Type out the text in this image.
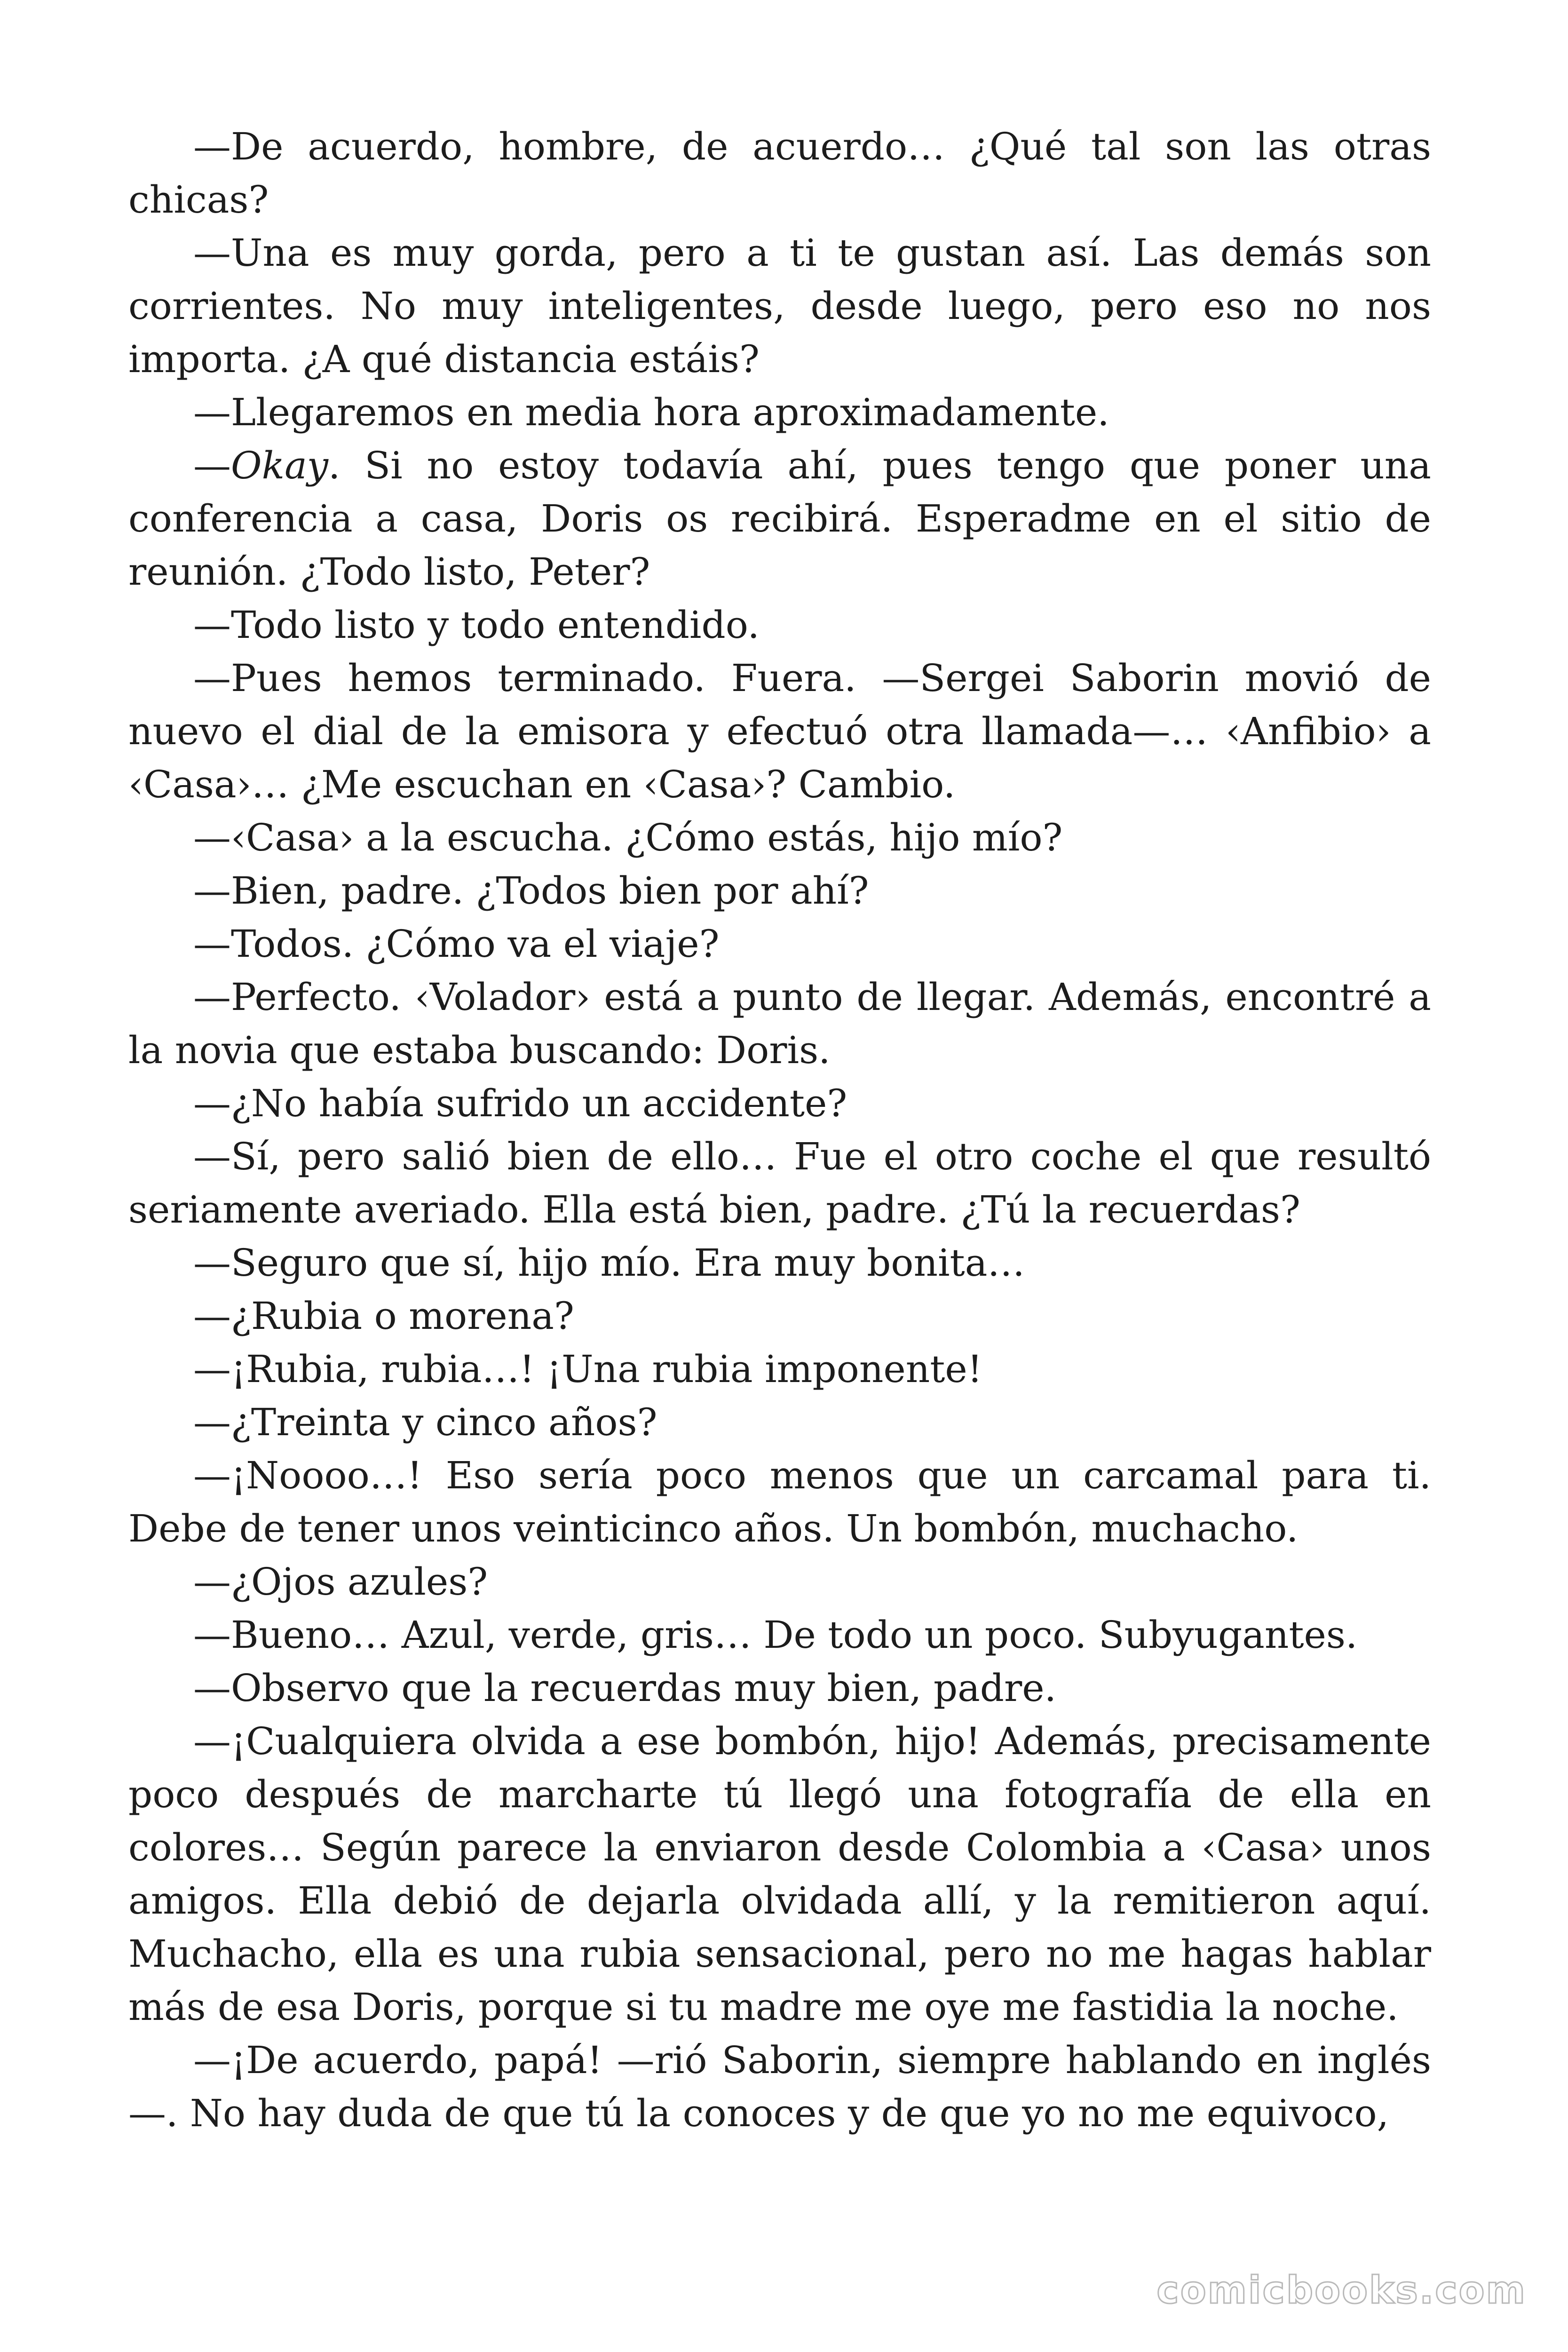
—De acuerdo, hombre, de acuerdo… ¿Qué tal son las otras chicas?

—Una es muy gorda, pero a ti te gustan así. Las demás son corrientes. No muy inteligentes, desde luego, pero eso no nos importa. ¿A qué distancia estáis?

—Llegaremos en media hora aproximadamente.

—Okay. Si no estoy todavía ahí, pues tengo que poner una conferencia a casa, Doris os recibirá. Esperadme en el sitio de reunión. ¿Todo listo, Peter?

—Todo listo y todo entendido.

—Pues hemos terminado. Fuera. —Sergei Saborin movió de nuevo el dial de la emisora y efectuó otra llamada—… ‹Anfibio› a ‹Casa›… ¿Me escuchan en ‹Casa›? Cambio.

—‹Casa› a la escucha. ¿Cómo estás, hijo mío?

—Bien, padre. ¿Todos bien por ahí?

—Todos. ¿Cómo va el viaje?

—Perfecto. ‹Volador› está a punto de llegar. Además, encontré a la novia que estaba buscando: Doris.

—¿No había sufrido un accidente?

—Sí, pero salió bien de ello… Fue el otro coche el que resultó seriamente averiado. Ella está bien, padre. ¿Tú la recuerdas?

—Seguro que sí, hijo mío. Era muy bonita…

—¿Rubia o morena?

—¡Rubia, rubia…! ¡Una rubia imponente!

—¿Treinta y cinco años?

—¡Noooo…! Eso sería poco menos que un carcamal para ti. Debe de tener unos veinticinco años. Un bombón, muchacho.

—¿Ojos azules?

—Bueno… Azul, verde, gris… De todo un poco. Subyugantes.

—Observo que la recuerdas muy bien, padre.

—¡Cualquiera olvida a ese bombón, hijo! Además, precisamente poco después de marcharte tú llegó una fotografía de ella en colores… Según parece la enviaron desde Colombia a ‹Casa› unos amigos. Ella debió de dejarla olvidada allí, y la remitieron aquí. Muchacho, ella es una rubia sensacional, pero no me hagas hablar más de esa Doris, porque si tu madre me oye me fastidia la noche.

—¡De acuerdo, papá! —rió Saborin, siempre hablando en inglés —. No hay duda de que tú la conoces y de que yo no me equivoco,

comicbooks.com
